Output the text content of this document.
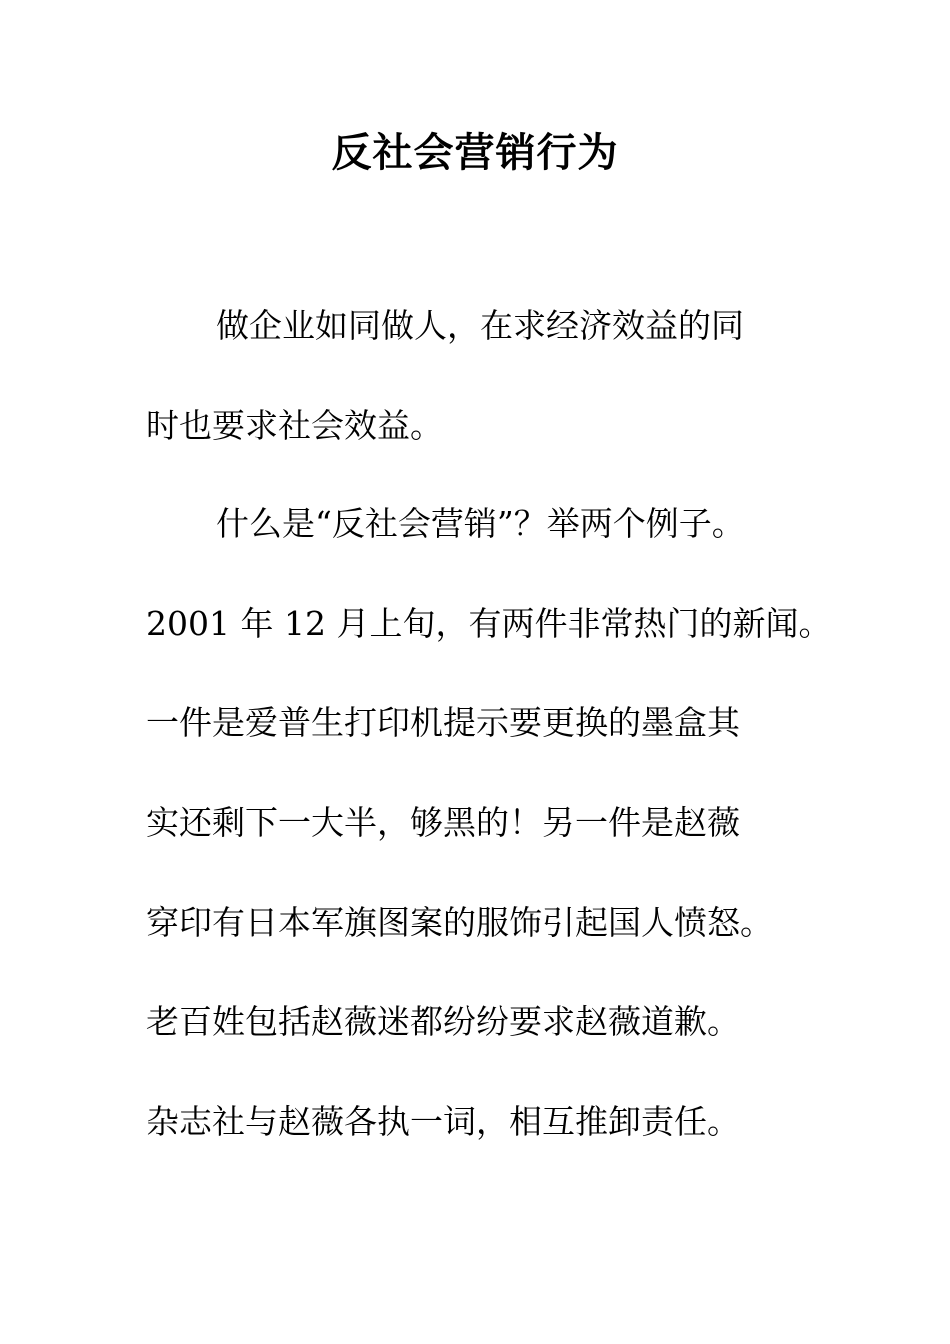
反社会营销行为
做企业如同做人，在求经济效益的同
时也要求社会效益。
什么是“反社会营销”？举两个例子。
2001 年 12 月上旬，有两件非常热门的新闻。
一件是爱普生打印机提示要更换的墨盒其
实还剩下一大半，够黑的！另一件是赵薇
穿印有日本军旗图案的服饰引起国人愤怒。
老百姓包括赵薇迷都纷纷要求赵薇道歉。
杂志社与赵薇各执一词，相互推卸责任。
